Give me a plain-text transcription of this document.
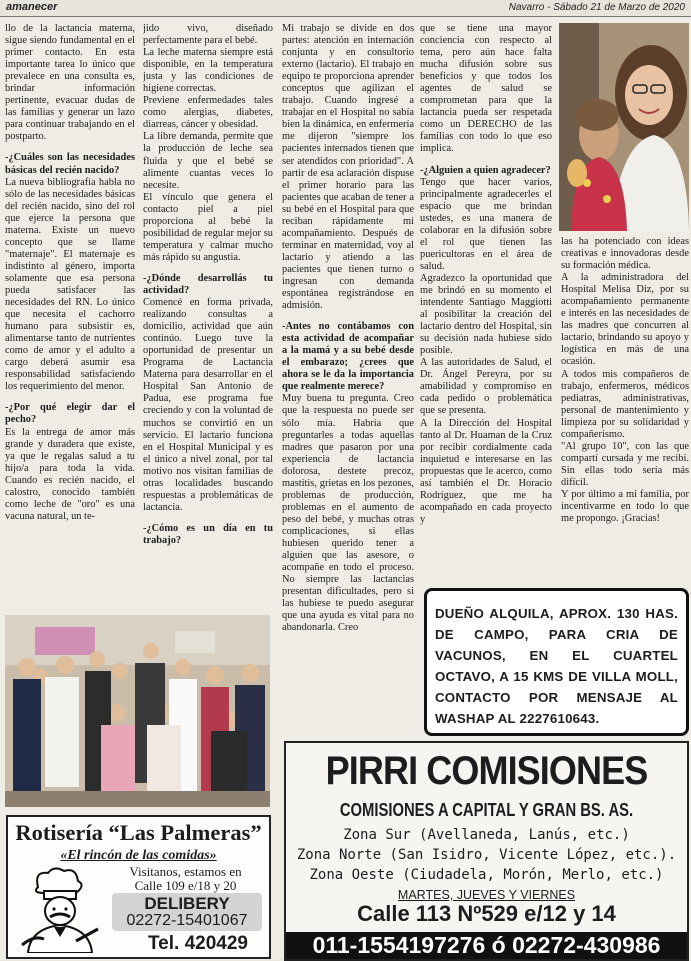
amanecer	Navarro - Sábado 21 de Marzo de 2020

llo de la lactancia materna, sigue siendo fundamental en el primer contacto. En esta importante tarea lo único que prevalece en una consulta es, brindar información pertinente, evacuar dudas de las familias y generar un lazo para continuar trabajando en el postparto.

-¿Cuáles son las necesidades básicas del recién nacido?

La nueva bibliografía habla no sólo de las necesidades básicas del recién nacido, sino del rol que ejerce la persona que materna. Existe un nuevo concepto que se llame "maternaje". El maternaje es indistinto al género, importa solamente que esa persona pueda satisfacer las necesidades del RN. Lo único que necesita el cachorro humano para subsistir es, alimentarse tanto de nutrientes como de amor y el adulto a cargo deberá asumir esa responsabilidad satisfaciendo los requerimiento del menor.

-¿Por qué elegir dar el pecho?

Es la entrega de amor más grande y duradera que existe, ya que le regalas salud a tu hijo/a para toda la vida. Cuando es recién nacido, el calostro, conocido también como leche de "oro" es una vacuna natural, un te-

jido vivo, diseñado perfectamente para el bebé.

La leche materna siempre está disponible, en la temperatura justa y las condiciones de higiene correctas.

Previene enfermedades tales como alergias, diabetes, diarreas, cáncer y obesidad.

La libre demanda, permite que la producción de leche sea fluida y que el bebé se alimente cuantas veces lo necesite.

El vínculo que genera el contacto piel a piel proporciona al bebé la posibilidad de regular mejor su temperatura y calmar mucho más rápido su angustia.

-¿Dónde desarrollás tu actividad?

Comencé en forma privada, realizando consultas a domicilio, actividad que aún continúo. Luego tuve la oportunidad de presentar un Programa de Lactancia Materna para desarrollar en el Hospital San Antonio de Padua, ese programa fue creciendo y con la voluntad de muchos se convirtió en un servicio. El lactario funciona en el Hospital Municipal y es el único a nivel zonal, por tal motivo nos visitan familias de otras localidades buscando respuestas a problemáticas de lactancia.

-¿Cómo es un día en tu trabajo?

Mi trabajo se divide en dos partes: atención en internación conjunta y en consultorio externo (lactario). El trabajo en equipo te proporciona aprender conceptos que agilizan el trabajo. Cuando ingresé a trabajar en el Hospital no sabía bien la dinámica, en enfermería me dijeron "siempre los pacientes internados tienen que ser atendidos con prioridad". A partir de esa aclaración dispuse el primer horario para las pacientes que acaban de tener a su bebé en el Hospital para que reciban rápidamente mi acompañamiento. Después de terminar en maternidad, voy al lactario y atiendo a las pacientes que tienen turno o ingresan con demanda espontánea registrándose en admisión.

-Antes no contábamos con esta actividad de acompañar a la mamá y a su bebé desde el embarazo; ¿crees que ahora se le da la importancia que realmente merece?

Muy buena tu pregunta. Creo que la respuesta no puede ser sólo mía. Habría que preguntarles a todas aquellas madres que pasaron por una experiencia de lactancia dolorosa, destete precoz, mastitis, grietas en los pezones, problemas de producción, problemas en el aumento de peso del bebé, y muchas otras complicaciones, si ellas hubiesen querido tener a alguien que las asesore, o acompañe en todo el proceso. No siempre las lactancias presentan dificultades, pero si las hubiese te puedo asegurar que una ayuda es vital para no abandonarla. Creo

que se tiene una mayor conciencia con respecto al tema, pero aún hace falta mucha difusión sobre sus beneficios y que todos los agentes de salud se comprometan para que la lactancia pueda ser respetada como un DERECHO de las familias con todo lo que eso implica.

-¿Alguien a quien agradecer?

Tengo que hacer varios, principalmente agradecerles el espacio que me brindan ustedes, es una manera de colaborar en la difusión sobre el rol que tienen las puericultoras en el área de salud.

Agradezco la oportunidad que me brindó en su momento el intendente Santiago Maggiotti al posibilitar la creación del lactario dentro del Hospital, sin su decisión nada hubiese sido posible.

A las autoridades de Salud, el Dr. Ángel Pereyra, por su amabilidad y compromiso en cada pedido o problemática que se presenta.

A la Dirección del Hospital tanto al Dr. Huaman de la Cruz por recibir cordialmente cada inquietud e interesarse en las propuestas que le acerco, como así también el Dr. Horacio Rodríguez, que me ha acompañado en cada proyecto y

las ha potenciado con ideas creativas e innovadoras desde su formación médica.

A la administradora del Hospital Melisa Diz, por su acompañamiento permanente e interés en las necesidades de las madres que concurren al lactario, brindando su apoyo y logística en más de una ocasión.

A todos mis compañeros de trabajo, enfermeros, médicos pediatras, administrativas, personal de mantenimiento y limpieza por su solidaridad y compañerismo.

"Al grupo 10", con las que compartí cursada y me recibí. Sin ellas todo sería más difícil.

Y por último a mi familia, por incentivarme en todo lo que me propongo. ¡Gracias!

DUEÑO ALQUILA, APROX. 130 HAS. DE CAMPO, PARA CRIA DE VACUNOS, EN EL CUARTEL OCTAVO, A 15 KMS DE VILLA MOLL, CONTACTO POR MENSAJE AL WASHAP AL 2227610643.
PIRRI COMISIONES
COMISIONES A CAPITAL Y GRAN BS. AS.
Zona Sur (Avellaneda, Lanús, etc.)
Zona Norte (San Isidro, Vicente López, etc.).
Zona Oeste (Ciudadela, Morón, Merlo, etc.)
MARTES, JUEVES Y VIERNES
Calle 113 Nº529 e/12 y 14
011-1554197276 ó 02272-430986
Rotisería “Las Palmeras”
«El rincón de las comidas»
Visitanos, estamos en
Calle 109 e/18 y 20
DELIBERY
02272-15401067
Tel. 420429
